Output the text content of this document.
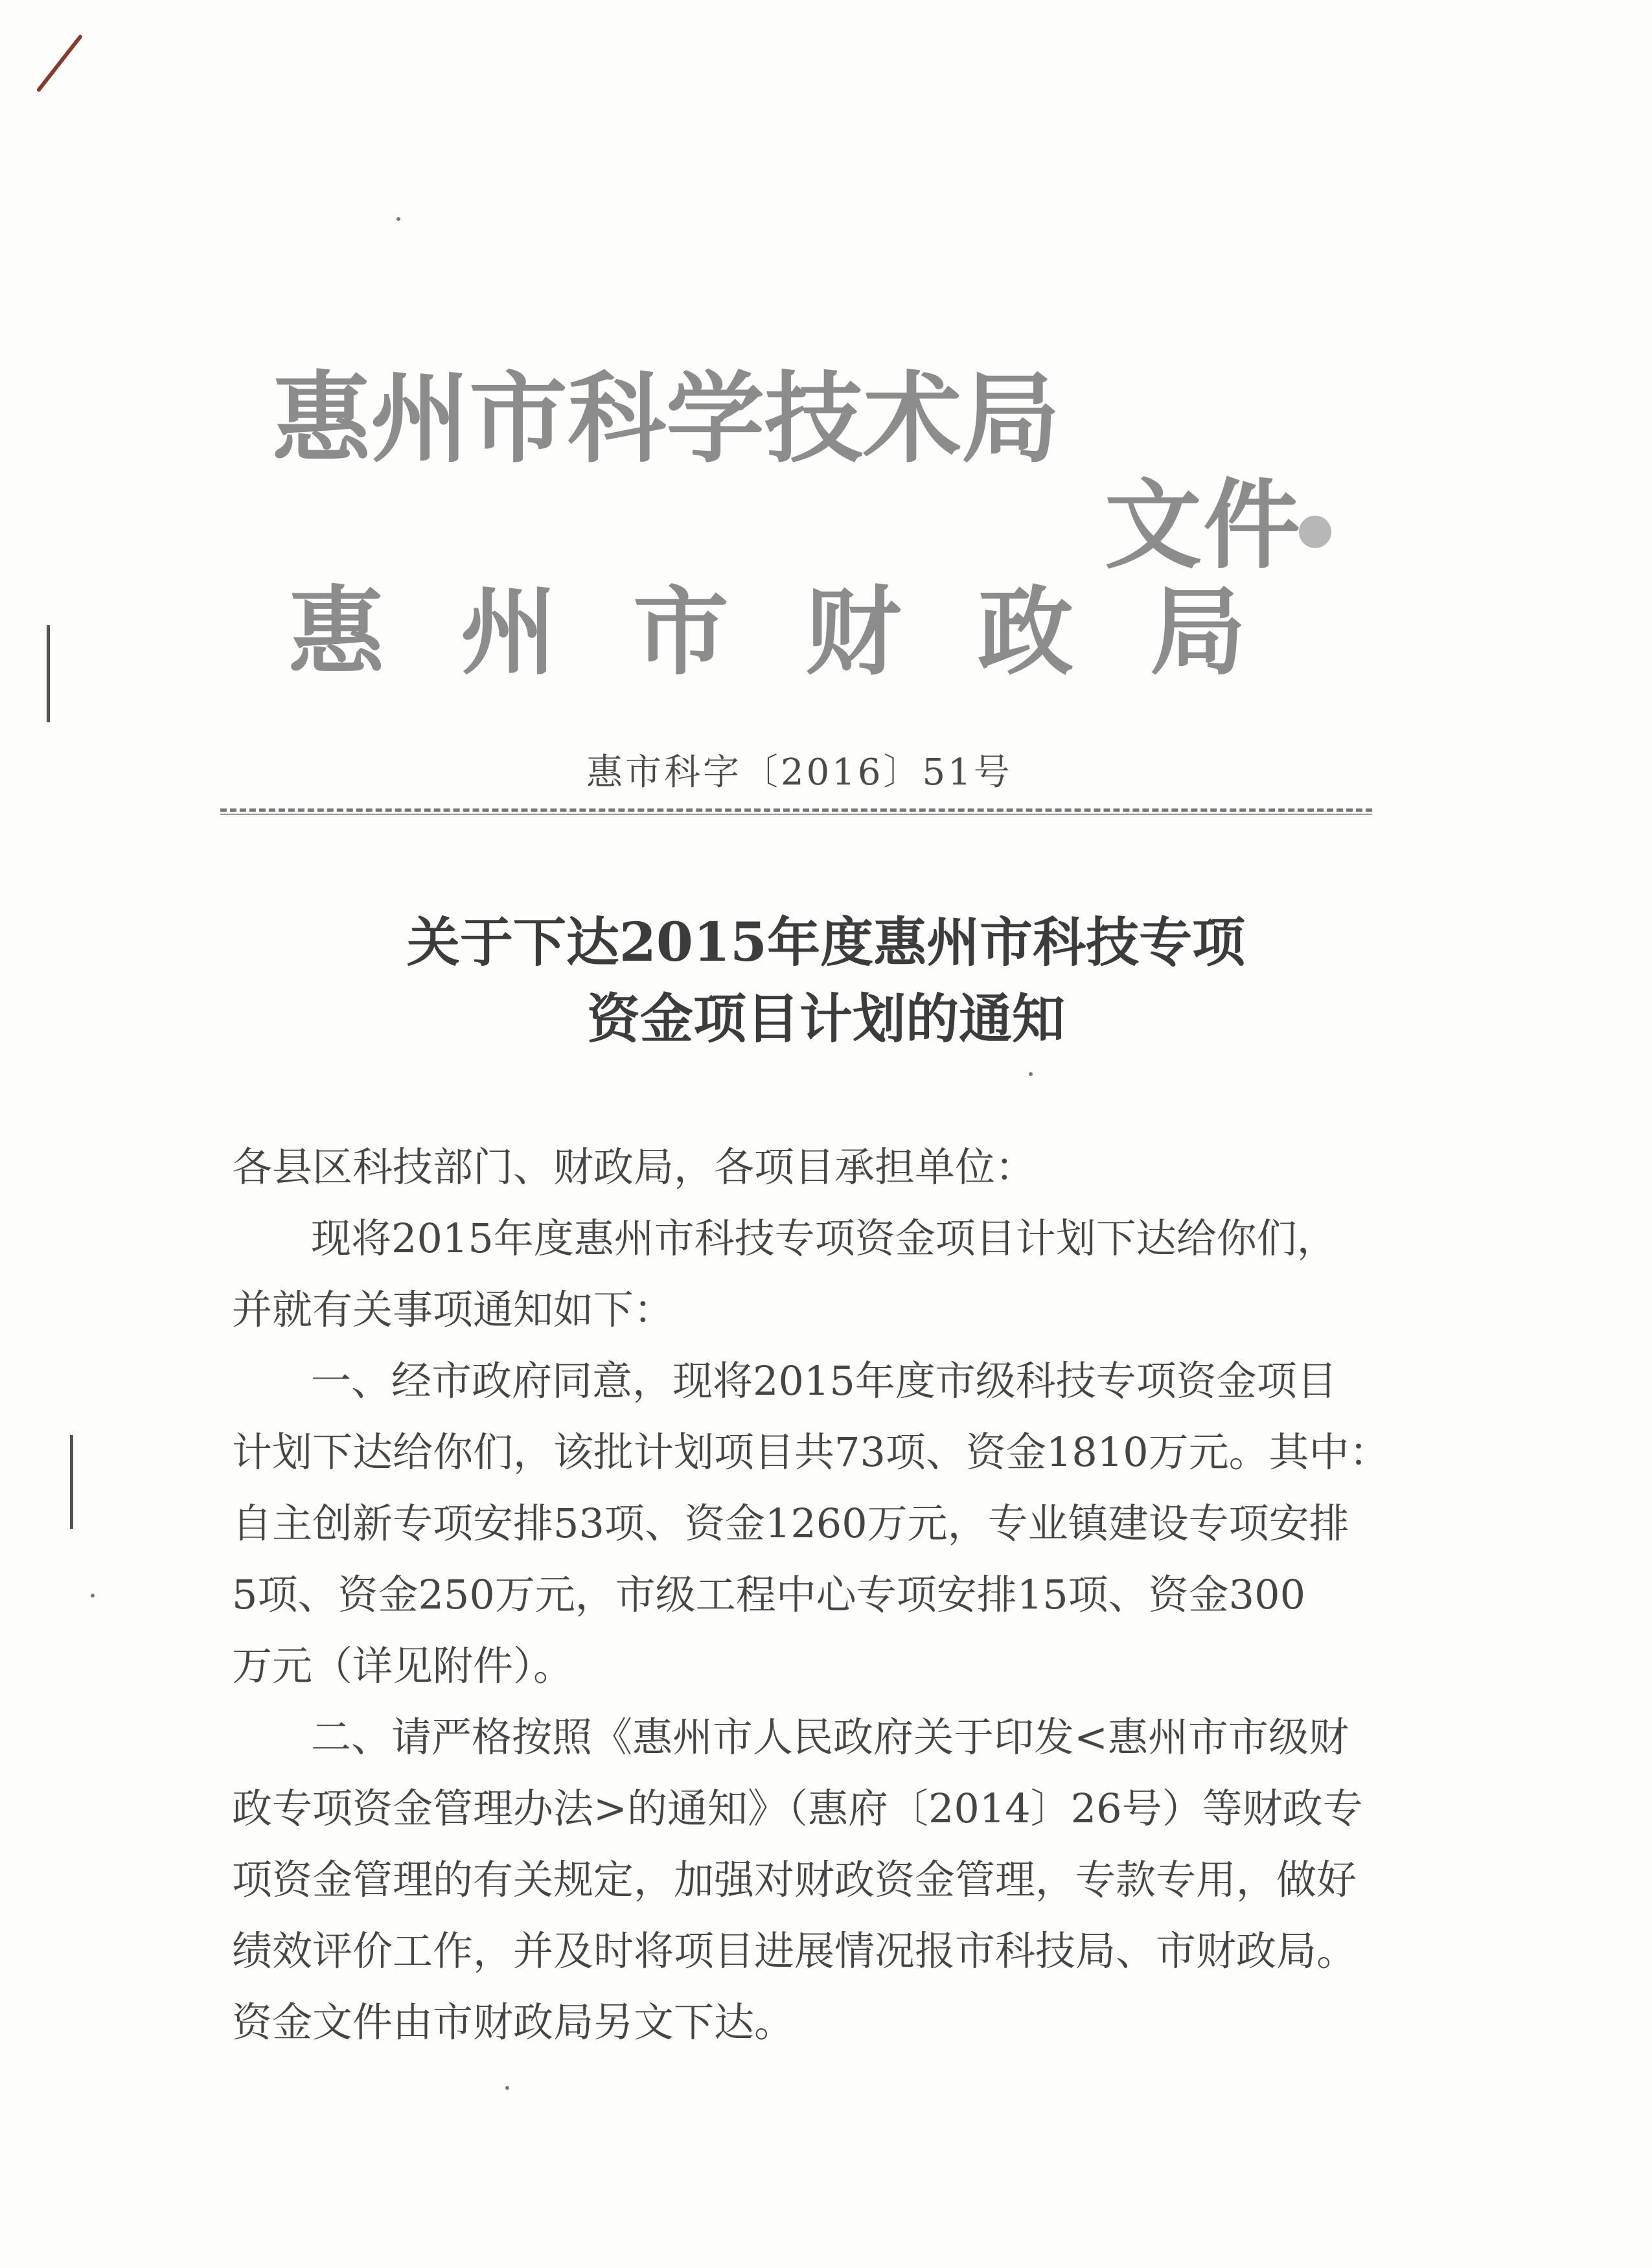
惠州市科学技术局
惠州市财政局
文件
惠市科字〔2016〕51号
关于下达2015年度惠州市科技专项
资金项目计划的通知
各县区科技部门、财政局，各项目承担单位：
现将2015年度惠州市科技专项资金项目计划下达给你们，
并就有关事项通知如下：
一、经市政府同意，现将2015年度市级科技专项资金项目
计划下达给你们，该批计划项目共73项、资金1810万元。其中：
自主创新专项安排53项、资金1260万元，专业镇建设专项安排
5项、资金250万元，市级工程中心专项安排15项、资金300
万元（详见附件）。
二、请严格按照《惠州市人民政府关于印发<惠州市市级财
政专项资金管理办法>的通知》（惠府〔2014〕26号）等财政专
项资金管理的有关规定，加强对财政资金管理，专款专用，做好
绩效评价工作，并及时将项目进展情况报市科技局、市财政局。
资金文件由市财政局另文下达。
